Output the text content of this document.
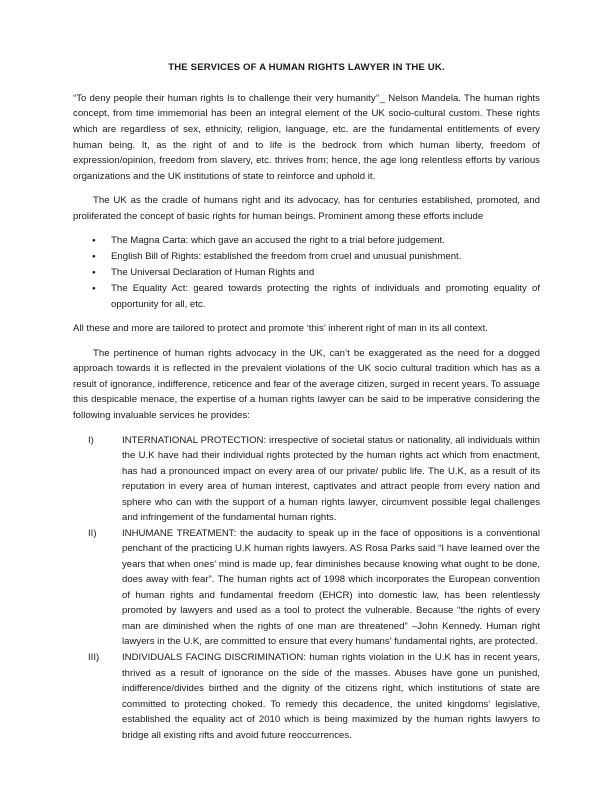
THE SERVICES OF A HUMAN RIGHTS LAWYER IN THE UK.

“To deny people their human rights Is to challenge their very humanity’’_ Nelson Mandela. The human rights concept, from time immemorial has been an integral element of the UK socio-cultural custom. These rights which are regardless of sex, ethnicity, religion, language, etc. are the fundamental entitlements of every human being. It, as the right of and to life is the bedrock from which human liberty, freedom of expression/opinion, freedom from slavery, etc. thrives from; hence, the age long relentless efforts by various organizations and the UK institutions of state to reinforce and uphold it.

The UK as the cradle of humans right and its advocacy, has for centuries established, promoted, and proliferated the concept of basic rights for human beings. Prominent among these efforts include

● The Magna Carta: which gave an accused the right to a trial before judgement.
● English Bill of Rights: established the freedom from cruel and unusual punishment.
● The Universal Declaration of Human Rights and
● The Equality Act: geared towards protecting the rights of individuals and promoting equality of opportunity for all, etc.

All these and more are tailored to protect and promote ‘this’ inherent right of man in its all context.

The pertinence of human rights advocacy in the UK, can’t be exaggerated as the need for a dogged approach towards it is reflected in the prevalent violations of the UK socio cultural tradition which has as a result of ignorance, indifference, reticence and fear of the average citizen, surged in recent years. To assuage this despicable menace, the expertise of a human rights lawyer can be said to be imperative considering the following invaluable services he provides:

I)	INTERNATIONAL PROTECTION: irrespective of societal status or nationality, all individuals within the U.K have had their individual rights protected by the human rights act which from enactment, has had a pronounced impact on every area of our private/ public life. The U.K, as a result of its reputation in every area of human interest, captivates and attract people from every nation and sphere who can with the support of a human rights lawyer, circumvent possible legal challenges and infringement of the fundamental human rights.
II)	INHUMANE TREATMENT: the audacity to speak up in the face of oppositions is a conventional penchant of the practicing U.K human rights lawyers. AS Rosa Parks said “I have learned over the years that when ones’ mind is made up, fear diminishes because knowing what ought to be done, does away with fear”. The human rights act of 1998 which incorporates the European convention of human rights and fundamental freedom (EHCR) into domestic law, has been relentlessly promoted by lawyers and used as a tool to protect the vulnerable. Because “the rights of every man are diminished when the rights of one man are threatened” –John Kennedy. Human right lawyers in the U.K, are committed to ensure that every humans’ fundamental rights, are protected.
III) INDIVIDUALS FACING DISCRIMINATION: human rights violation in the U.K has in recent years, thrived as a result of ignorance on the side of the masses. Abuses have gone un punished, indifference/divides birthed and the dignity of the citizens right, which institutions of state are committed to protecting choked. To remedy this decadence, the united kingdoms’ legislative, established the equality act of 2010 which is being maximized by the human rights lawyers to bridge all existing rifts and avoid future reoccurrences.
